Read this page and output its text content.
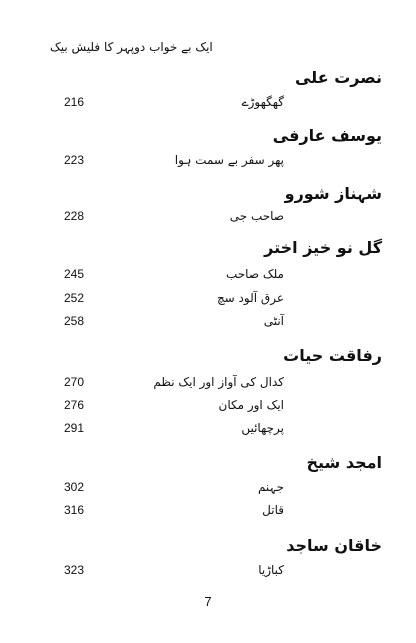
ایک بے خواب دوپہر کا فلیش بیک
نصرت علی
216	گھگھوڑے
یوسف عارفی
223	پھر سفر بے سمت ہوا
شہناز شورو
228	صاحب جی
گل نو خیز اختر
245	ملک صاحب
252	عرق آلود سچ
258	آنٹی
رفاقت حیات
270	کدال کی آواز اور ایک نظم
276	ایک اور مکان
291	پرچھائیں
امجد شیخ
302	جہنم
316	قاتل
خاقان ساجد
323	کباڑیا
7
